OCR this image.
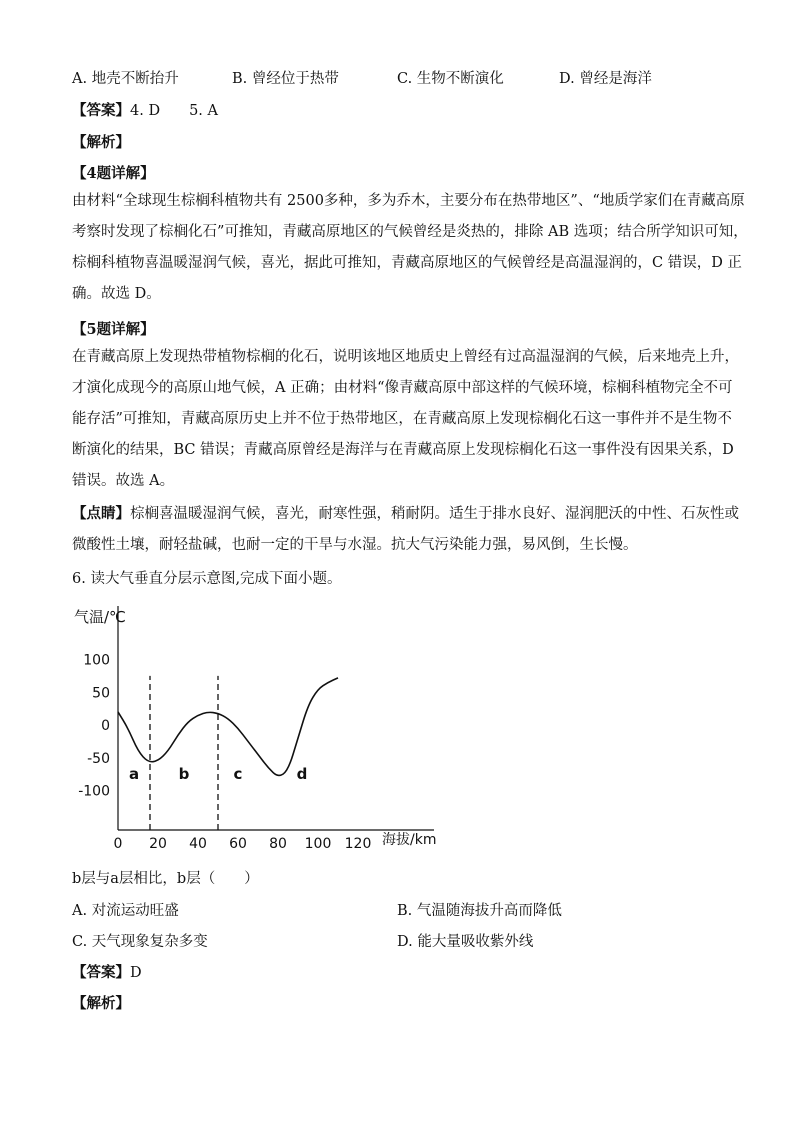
A. 地壳不断抬升	B. 曾经位于热带	C. 生物不断演化	D. 曾经是海洋
【答案】4. D　　5. A
【解析】
【4题详解】
由材料“全球现生棕榈科植物共有 2500多种，多为乔木，主要分布在热带地区”、“地质学家们在青藏高原
考察时发现了棕榈化石”可推知，青藏高原地区的气候曾经是炎热的，排除 AB 选项；结合所学知识可知，
棕榈科植物喜温暖湿润气候，喜光，据此可推知，青藏高原地区的气候曾经是高温湿润的，C 错误，D 正
确。故选 D。
【5题详解】
在青藏高原上发现热带植物棕榈的化石，说明该地区地质史上曾经有过高温湿润的气候，后来地壳上升，
才演化成现今的高原山地气候，A 正确；由材料“像青藏高原中部这样的气候环境，棕榈科植物完全不可
能存活”可推知，青藏高原历史上并不位于热带地区，在青藏高原上发现棕榈化石这一事件并不是生物不
断演化的结果，BC 错误；青藏高原曾经是海洋与在青藏高原上发现棕榈化石这一事件没有因果关系，D
错误。故选 A。
【点睛】棕榈喜温暖湿润气候，喜光，耐寒性强，稍耐阴。适生于排水良好、湿润肥沃的中性、石灰性或
微酸性土壤，耐轻盐碱，也耐一定的干旱与水湿。抗大气污染能力强，易风倒，生长慢。
6. 读大气垂直分层示意图,完成下面小题。
气温/℃
海拔/km
0 20 40 60 80 100 120
100
50
0
-50
-100
a	b	c	d
b层与a层相比，b层（　　）
A. 对流运动旺盛	B. 气温随海拔升高而降低
C. 天气现象复杂多变	D. 能大量吸收紫外线
【答案】D
【解析】
